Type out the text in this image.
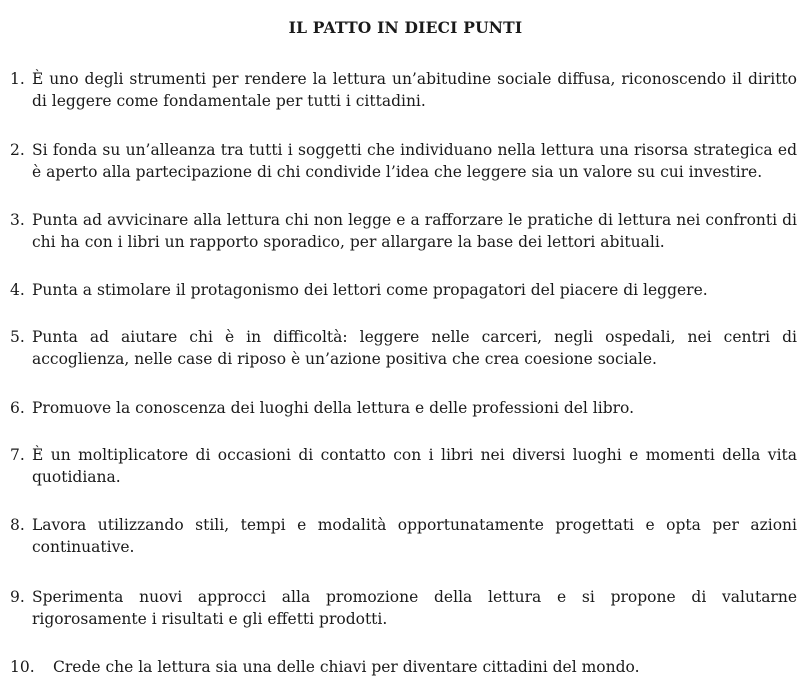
IL PATTO IN DIECI PUNTI
1. È uno degli strumenti per rendere la lettura un’abitudine sociale diffusa, riconoscendo il diritto di leggere come fondamentale per tutti i cittadini.
2. Si fonda su un’alleanza tra tutti i soggetti che individuano nella lettura una risorsa strategica ed è aperto alla partecipazione di chi condivide l’idea che leggere sia un valore su cui investire.
3. Punta ad avvicinare alla lettura chi non legge e a rafforzare le pratiche di lettura nei confronti di chi ha con i libri un rapporto sporadico, per allargare la base dei lettori abituali.
4. Punta a stimolare il protagonismo dei lettori come propagatori del piacere di leggere.
5. Punta ad aiutare chi è in difficoltà: leggere nelle carceri, negli ospedali, nei centri di accoglienza, nelle case di riposo è un’azione positiva che crea coesione sociale.
6. Promuove la conoscenza dei luoghi della lettura e delle professioni del libro.
7. È un moltiplicatore di occasioni di contatto con i libri nei diversi luoghi e momenti della vita quotidiana.
8. Lavora utilizzando stili, tempi e modalità opportunatamente progettati e opta per azioni continuative.
9. Sperimenta nuovi approcci alla promozione della lettura e si propone di valutarne rigorosamente i risultati e gli effetti prodotti.
10.	Crede che la lettura sia una delle chiavi per diventare cittadini del mondo.
